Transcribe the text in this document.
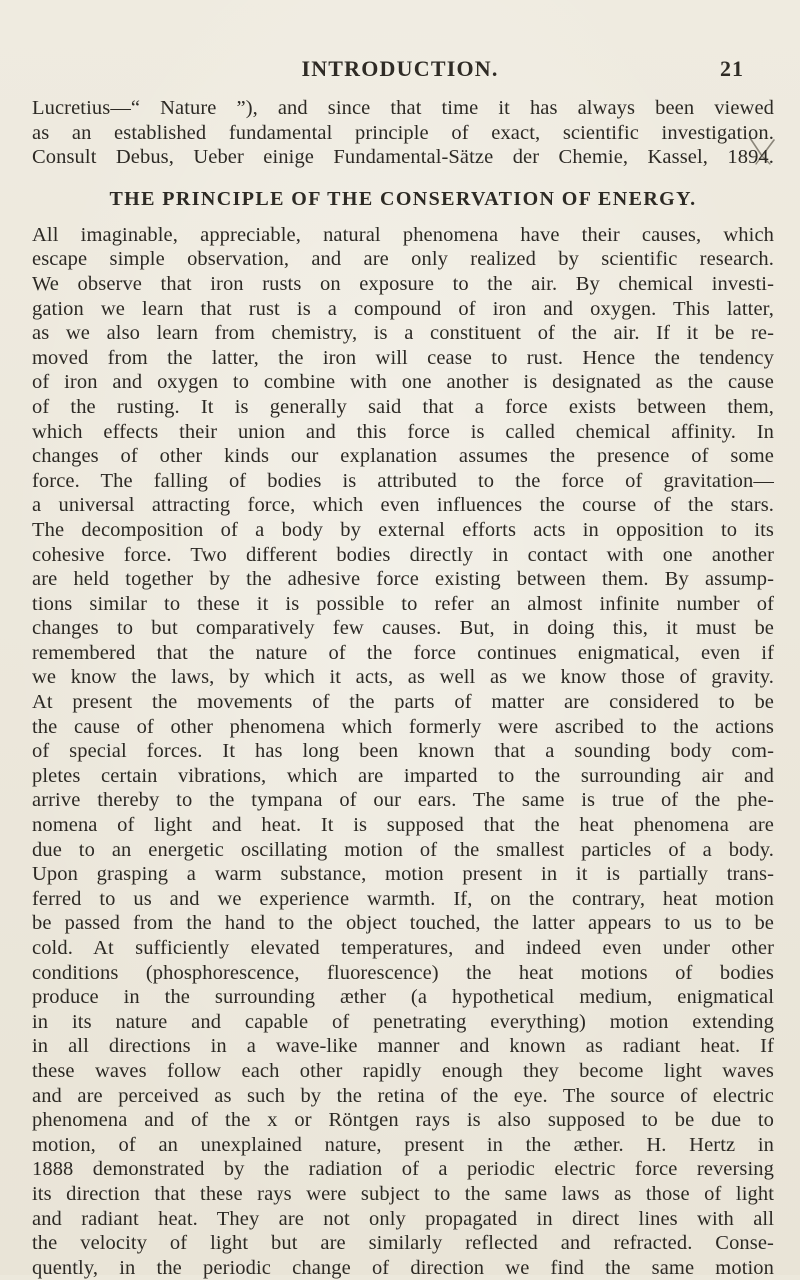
INTRODUCTION.	21
Lucretius—“ Nature ”), and since that time it has always been viewed
as an established fundamental principle of exact, scientific investigation.
Consult Debus, Ueber einige Fundamental-Sätze der Chemie, Kassel, 1894.
THE PRINCIPLE OF THE CONSERVATION OF ENERGY.
All imaginable, appreciable, natural phenomena have their causes, which
escape simple observation, and are only realized by scientific research.
We observe that iron rusts on exposure to the air. By chemical investi-
gation we learn that rust is a compound of iron and oxygen. This latter,
as we also learn from chemistry, is a constituent of the air. If it be re-
moved from the latter, the iron will cease to rust. Hence the tendency
of iron and oxygen to combine with one another is designated as the cause
of the rusting. It is generally said that a force exists between them,
which effects their union and this force is called chemical affinity. In
changes of other kinds our explanation assumes the presence of some
force. The falling of bodies is attributed to the force of gravitation—
a universal attracting force, which even influences the course of the stars.
The decomposition of a body by external efforts acts in opposition to its
cohesive force. Two different bodies directly in contact with one another
are held together by the adhesive force existing between them. By assump-
tions similar to these it is possible to refer an almost infinite number of
changes to but comparatively few causes. But, in doing this, it must be
remembered that the nature of the force continues enigmatical, even if
we know the laws, by which it acts, as well as we know those of gravity.
At present the movements of the parts of matter are considered to be
the cause of other phenomena which formerly were ascribed to the actions
of special forces. It has long been known that a sounding body com-
pletes certain vibrations, which are imparted to the surrounding air and
arrive thereby to the tympana of our ears. The same is true of the phe-
nomena of light and heat. It is supposed that the heat phenomena are
due to an energetic oscillating motion of the smallest particles of a body.
Upon grasping a warm substance, motion present in it is partially trans-
ferred to us and we experience warmth. If, on the contrary, heat motion
be passed from the hand to the object touched, the latter appears to us to be
cold. At sufficiently elevated temperatures, and indeed even under other
conditions (phosphorescence, fluorescence) the heat motions of bodies
produce in the surrounding æther (a hypothetical medium, enigmatical
in its nature and capable of penetrating everything) motion extending
in all directions in a wave-like manner and known as radiant heat. If
these waves follow each other rapidly enough they become light waves
and are perceived as such by the retina of the eye. The source of electric
phenomena and of the x or Röntgen rays is also supposed to be due to
motion, of an unexplained nature, present in the æther. H. Hertz in
1888 demonstrated by the radiation of a periodic electric force reversing
its direction that these rays were subject to the same laws as those of light
and radiant heat. They are not only propagated in direct lines with all
the velocity of light but are similarly reflected and refracted. Conse-
quently, in the periodic change of direction we find the same motion
